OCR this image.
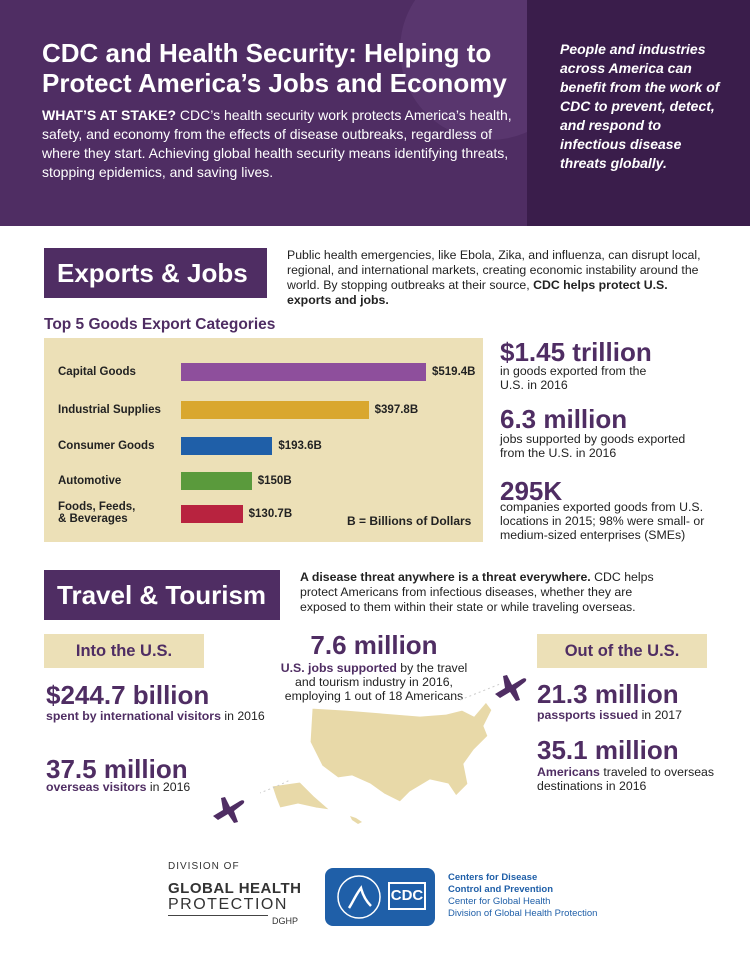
CDC and Health Security: Helping to Protect America’s Jobs and Economy
WHAT’S AT STAKE? CDC’s health security work protects America’s health, safety, and economy from the effects of disease outbreaks, regardless of where they start. Achieving global health security means identifying threats, stopping epidemics, and saving lives.
People and industries across America can benefit from the work of CDC to prevent, detect, and respond to infectious disease threats globally.
Exports & Jobs
Public health emergencies, like Ebola, Zika, and influenza, can disrupt local, regional, and international markets, creating economic instability around the world. By stopping outbreaks at their source, CDC helps protect U.S. exports and jobs.
Top 5 Goods Export Categories
Capital Goods	$519.4B
Industrial Supplies	$397.8B
Consumer Goods	$193.6B
Automotive	$150B
Foods, Feeds,
& Beverages	$130.7B	B = Billions of Dollars
$1.45 trillion
in goods exported from the U.S. in 2016
6.3 million
jobs supported by goods exported from the U.S. in 2016
295K
companies exported goods from U.S. locations in 2015; 98% were small- or medium-sized enterprises (SMEs)
Travel & Tourism
A disease threat anywhere is a threat everywhere. CDC helps protect Americans from infectious diseases, whether they are exposed to them within their state or while traveling overseas.
Into the U.S.
$244.7 billion
spent by international visitors in 2016
37.5 million
overseas visitors in 2016
7.6 million
U.S. jobs supported by the travel and tourism industry in 2016, employing 1 out of 18 Americans
Out of the U.S.
21.3 million
passports issued in 2017
35.1 million
Americans traveled to overseas destinations in 2016
DIVISION OF
GLOBAL HEALTH
PROTECTION
DGHP
CDC
Centers for Disease
Control and Prevention
Center for Global Health
Division of Global Health Protection
